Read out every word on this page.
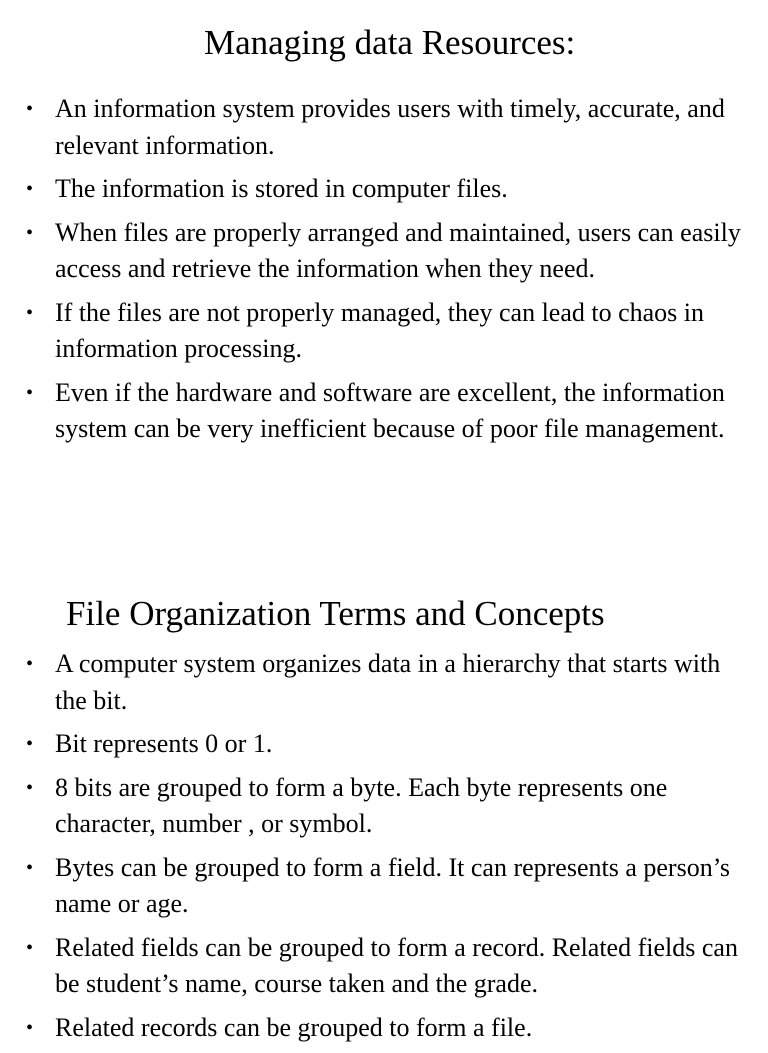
Managing data Resources:
• An information system provides users with timely, accurate, and relevant information.
• The information is stored in computer files.
• When files are properly arranged and maintained, users can easily access and retrieve the information when they need.
• If the files are not properly managed, they can lead to chaos in information processing.
• Even if the hardware and software are excellent, the information system can be very inefficient because of poor file management.
File Organization Terms and Concepts
• A computer system organizes data in a hierarchy that starts with the bit.
• Bit represents 0 or 1.
• 8 bits are grouped to form a byte. Each byte represents one character, number , or symbol.
• Bytes can be grouped to form a field. It can represents a person’s name or age.
• Related fields can be grouped to form a record. Related fields can be student’s name, course taken and the grade.
• Related records can be grouped to form a file.
